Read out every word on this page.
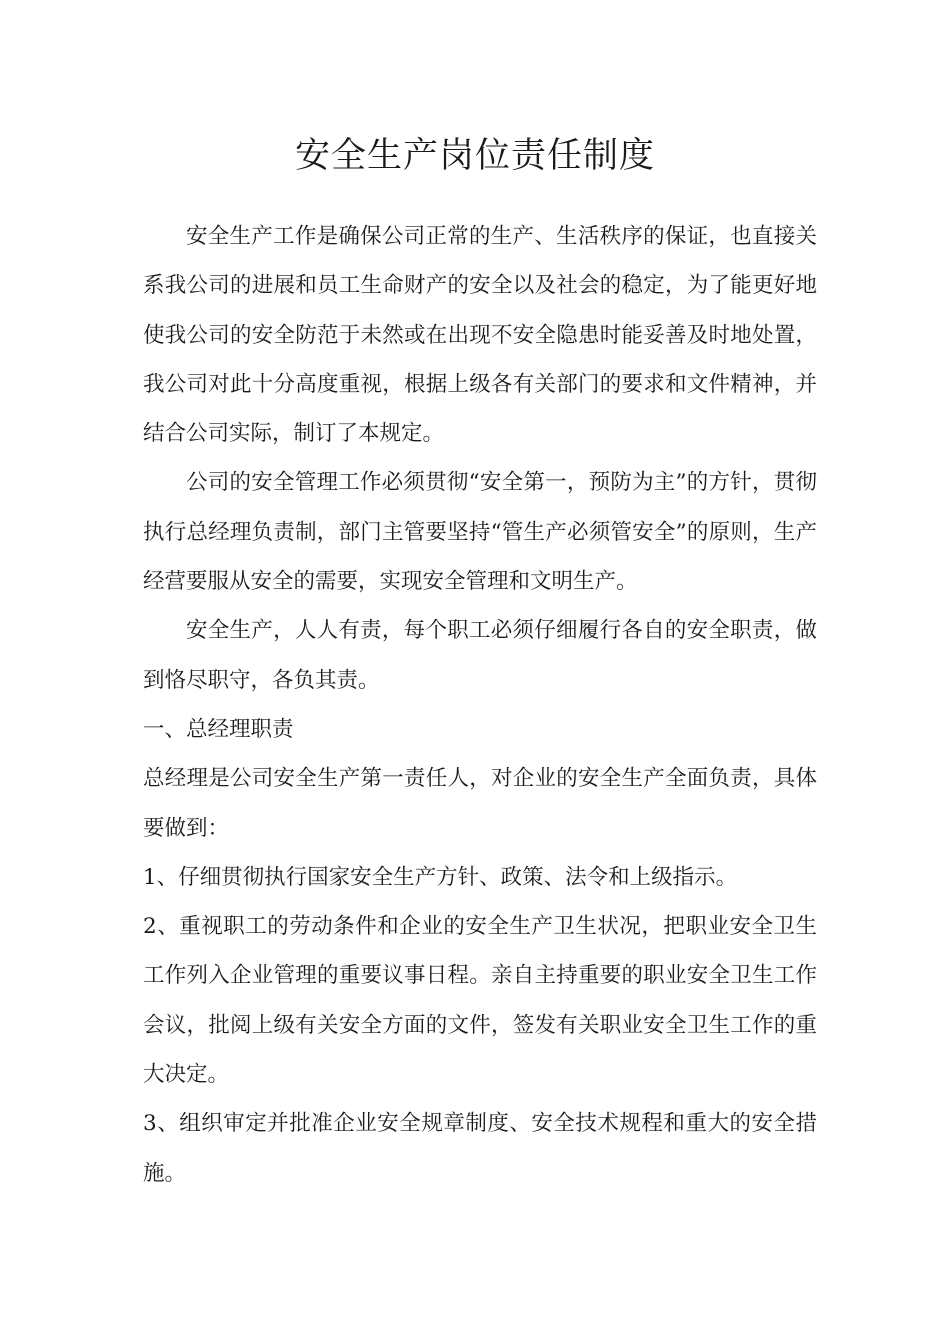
安全生产岗位责任制度

安全生产工作是确保公司正常的生产、生活秩序的保证，也直接关系我公司的进展和员工生命财产的安全以及社会的稳定，为了能更好地使我公司的安全防范于未然或在出现不安全隐患时能妥善及时地处置，我公司对此十分高度重视，根据上级各有关部门的要求和文件精神，并结合公司实际，制订了本规定。

公司的安全管理工作必须贯彻“安全第一，预防为主”的方针，贯彻执行总经理负责制，部门主管要坚持“管生产必须管安全”的原则，生产经营要服从安全的需要，实现安全管理和文明生产。

安全生产，人人有责，每个职工必须仔细履行各自的安全职责，做到恪尽职守，各负其责。

一、总经理职责

总经理是公司安全生产第一责任人，对企业的安全生产全面负责，具体要做到：

1、仔细贯彻执行国家安全生产方针、政策、法令和上级指示。

2、重视职工的劳动条件和企业的安全生产卫生状况，把职业安全卫生工作列入企业管理的重要议事日程。亲自主持重要的职业安全卫生工作会议，批阅上级有关安全方面的文件，签发有关职业安全卫生工作的重大决定。

3、组织审定并批准企业安全规章制度、安全技术规程和重大的安全措施。
